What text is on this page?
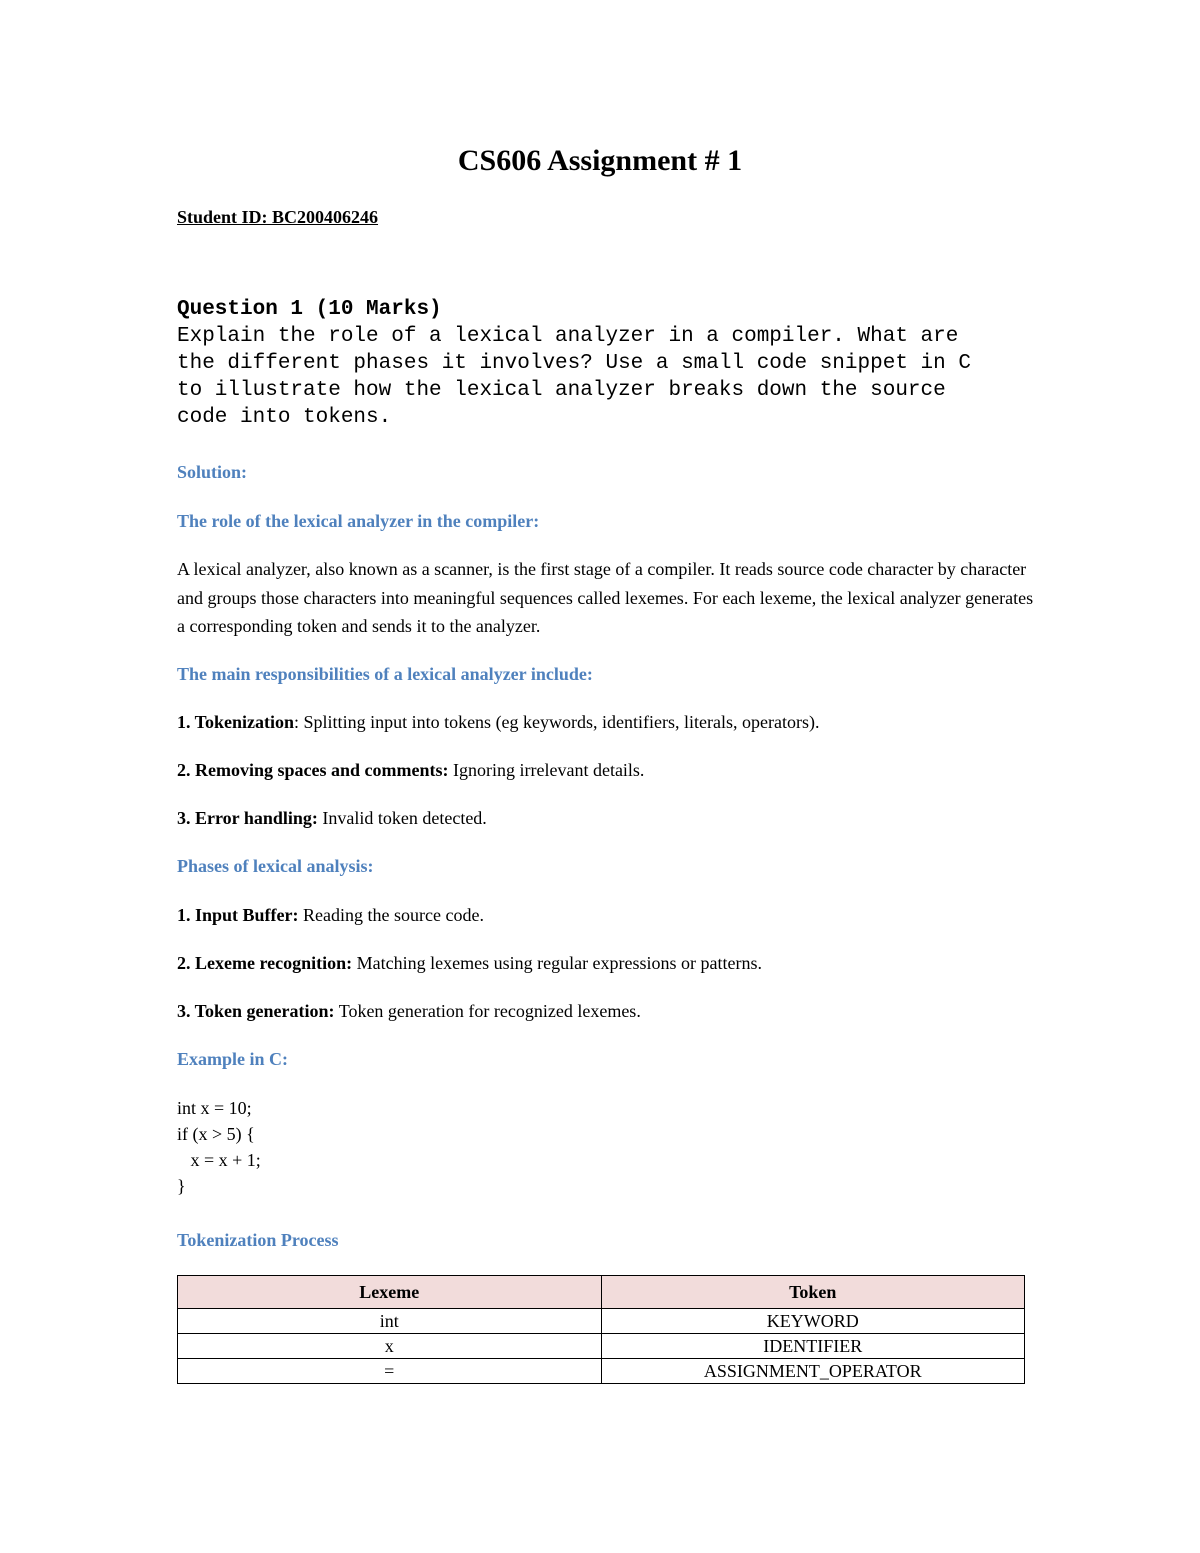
CS606 Assignment # 1
Student ID: BC200406246
Question 1 (10 Marks)
Explain the role of a lexical analyzer in a compiler. What are
the different phases it involves? Use a small code snippet in C
to illustrate how the lexical analyzer breaks down the source
code into tokens.
Solution:
The role of the lexical analyzer in the compiler:
A lexical analyzer, also known as a scanner, is the first stage of a compiler. It reads source code character by character and groups those characters into meaningful sequences called lexemes. For each lexeme, the lexical analyzer generates a corresponding token and sends it to the analyzer.
The main responsibilities of a lexical analyzer include:
1. Tokenization: Splitting input into tokens (eg keywords, identifiers, literals, operators).
2. Removing spaces and comments: Ignoring irrelevant details.
3. Error handling: Invalid token detected.
Phases of lexical analysis:
1. Input Buffer: Reading the source code.
2. Lexeme recognition: Matching lexemes using regular expressions or patterns.
3. Token generation: Token generation for recognized lexemes.
Example in C:
int x = 10;
if (x > 5) {
x = x + 1;
}
Tokenization Process
Lexeme	Token
int	KEYWORD
x	IDENTIFIER
=	ASSIGNMENT_OPERATOR
